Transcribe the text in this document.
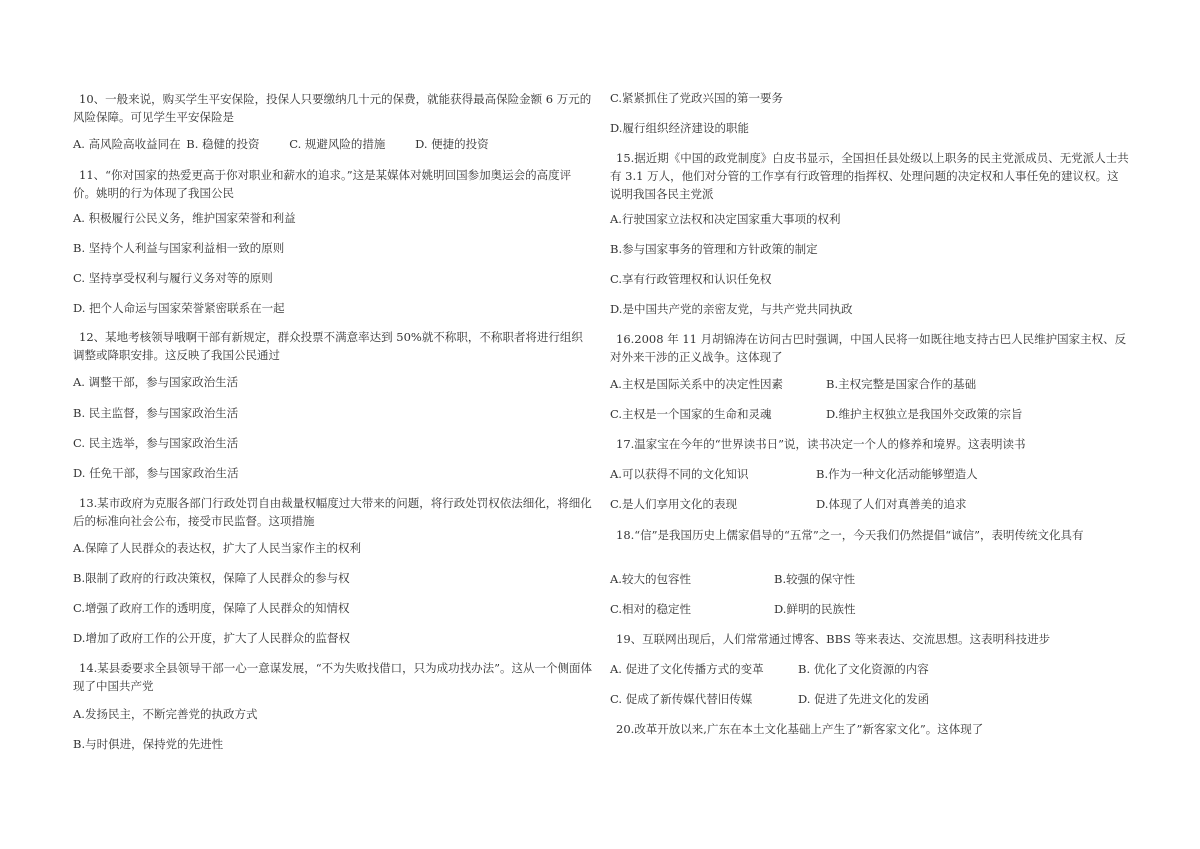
10、一般来说，购买学生平安保险，投保人只要缴纳几十元的保费，就能获得最高保险金额 6 万元的风险保障。可见学生平安保险是
A. 高风险高收益同在 B. 稳健的投资	C. 规避风险的措施	D. 便捷的投资
11、“你对国家的热爱更高于你对职业和薪水的追求。”这是某媒体对姚明回国参加奥运会的高度评价。姚明的行为体现了我国公民
A. 积极履行公民义务，维护国家荣誉和利益
B. 坚持个人利益与国家利益相一致的原则
C. 坚持享受权利与履行义务对等的原则
D. 把个人命运与国家荣誉紧密联系在一起
12、某地考核领导哦啊干部有新规定，群众投票不满意率达到 50%就不称职，不称职者将进行组织调整或降职安排。这反映了我国公民通过
A. 调整干部，参与国家政治生活
B. 民主监督，参与国家政治生活
C. 民主选举，参与国家政治生活
D. 任免干部，参与国家政治生活
13.某市政府为克服各部门行政处罚自由裁量权幅度过大带来的问题，将行政处罚权依法细化，将细化后的标准向社会公布，接受市民监督。这项措施
A.保障了人民群众的表达权，扩大了人民当家作主的权利
B.限制了政府的行政决策权，保障了人民群众的参与权
C.增强了政府工作的透明度，保障了人民群众的知情权
D.增加了政府工作的公开度，扩大了人民群众的监督权
14.某县委要求全县领导干部一心一意谋发展，“不为失败找借口，只为成功找办法”。这从一个侧面体现了中国共产党
A.发扬民主，不断完善党的执政方式
B.与时俱进，保持党的先进性
C.紧紧抓住了党政兴国的第一要务
D.履行组织经济建设的职能
15.据近期《中国的政党制度》白皮书显示，全国担任县处级以上职务的民主党派成员、无党派人士共有 3.1 万人，他们对分管的工作享有行政管理的指挥权、处理问题的决定权和人事任免的建议权。这说明我国各民主党派
A.行驶国家立法权和决定国家重大事项的权利
B.参与国家事务的管理和方针政策的制定
C.享有行政管理权和认识任免权
D.是中国共产党的亲密友党，与共产党共同执政
16.2008 年 11 月胡锦涛在访问古巴时强调，中国人民将一如既往地支持古巴人民维护国家主权、反对外来干涉的正义战争。这体现了
A.主权是国际关系中的决定性因素	B.主权完整是国家合作的基础
C.主权是一个国家的生命和灵魂	D.维护主权独立是我国外交政策的宗旨
17.温家宝在今年的“世界读书日”说，读书决定一个人的修养和境界。这表明读书
A.可以获得不同的文化知识	B.作为一种文化活动能够塑造人
C.是人们享用文化的表现	D.体现了人们对真善美的追求
18.“信”是我国历史上儒家倡导的“五常”之一，今天我们仍然提倡“诚信”，表明传统文化具有
A.较大的包容性	B.较强的保守性
C.相对的稳定性	D.鲜明的民族性
19、互联网出现后，人们常常通过博客、BBS 等来表达、交流思想。这表明科技进步
A. 促进了文化传播方式的变革	B. 优化了文化资源的内容
C. 促成了新传媒代替旧传媒	D. 促进了先进文化的发函
20.改革开放以来,广东在本土文化基础上产生了”新客家文化”。这体现了
